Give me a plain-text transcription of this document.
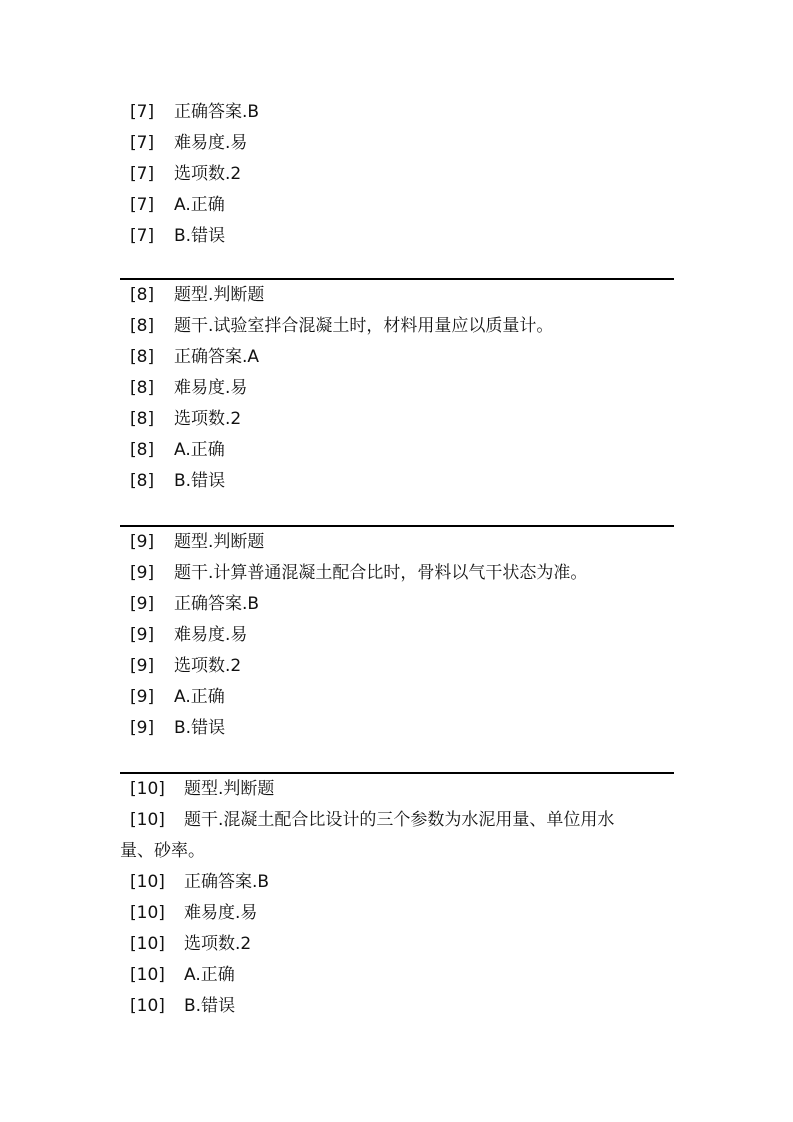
[7] 正确答案.B
[7] 难易度.易
[7] 选项数.2
[7] A.正确
[7] B.错误
[8] 题型.判断题
[8] 题干.试验室拌合混凝土时，材料用量应以质量计。
[8] 正确答案.A
[8] 难易度.易
[8] 选项数.2
[8] A.正确
[8] B.错误
[9] 题型.判断题
[9] 题干.计算普通混凝土配合比时，骨料以气干状态为准。
[9] 正确答案.B
[9] 难易度.易
[9] 选项数.2
[9] A.正确
[9] B.错误
[10] 题型.判断题
[10] 题干.混凝土配合比设计的三个参数为水泥用量、单位用水
量、砂率。
[10] 正确答案.B
[10] 难易度.易
[10] 选项数.2
[10] A.正确
[10] B.错误
